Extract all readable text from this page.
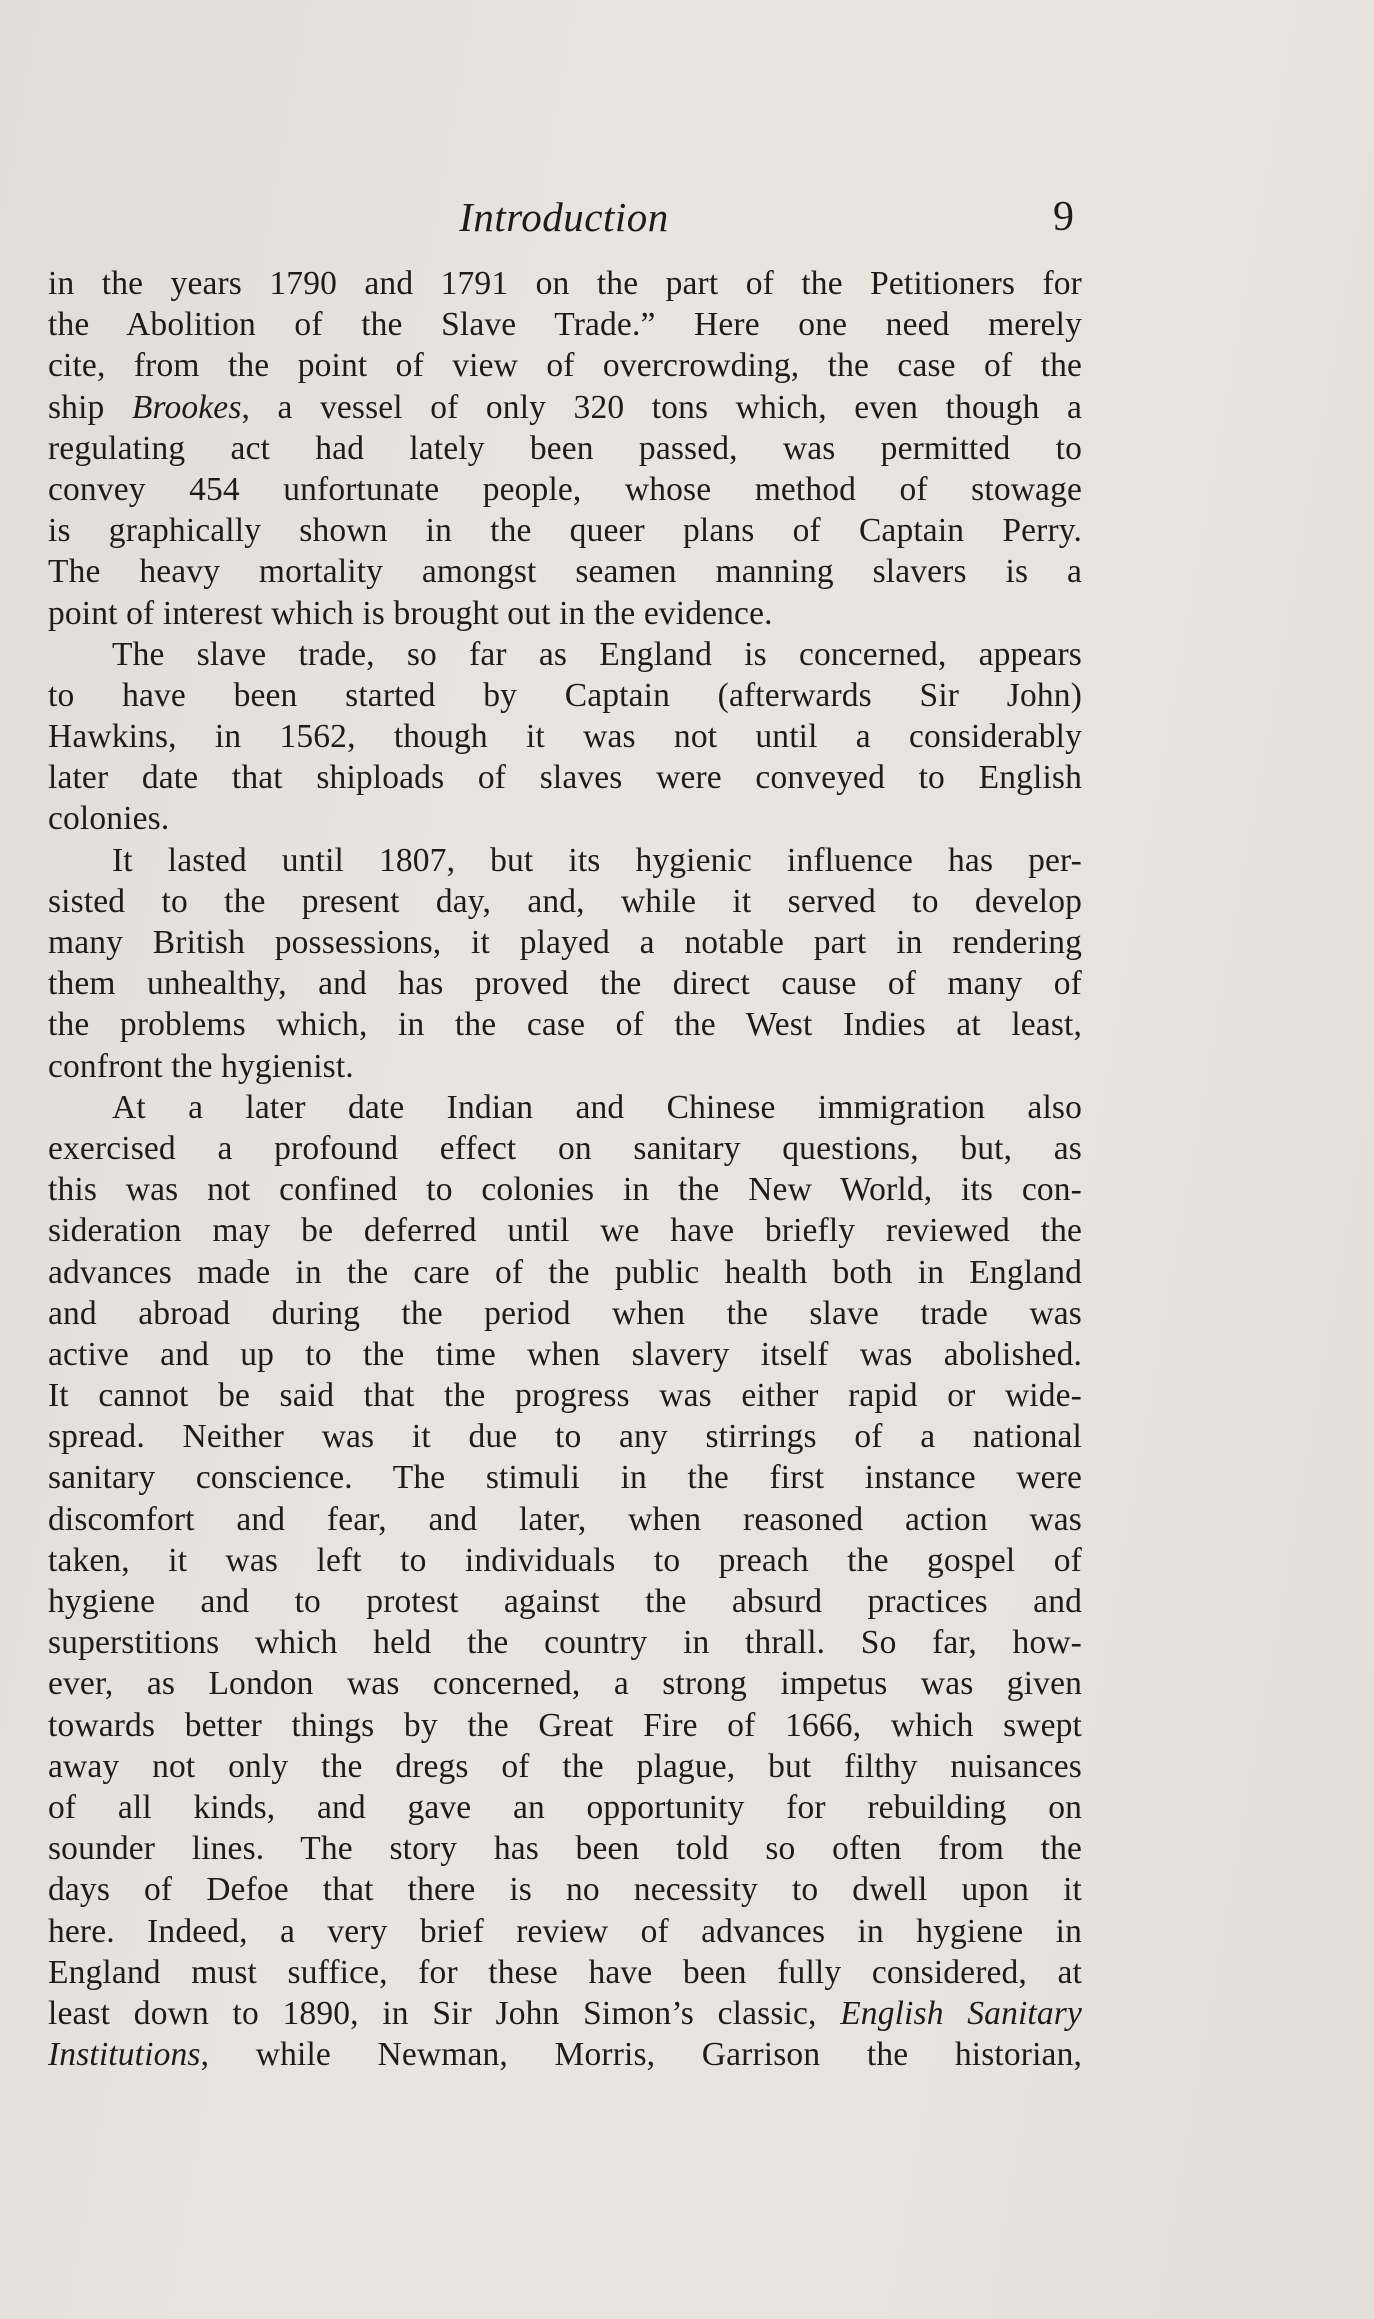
Introduction	9
in the years 1790 and 1791 on the part of the Petitioners for
the Abolition of the Slave Trade.” Here one need merely
cite, from the point of view of overcrowding, the case of the
ship Brookes, a vessel of only 320 tons which, even though a
regulating act had lately been passed, was permitted to
convey 454 unfortunate people, whose method of stowage
is graphically shown in the queer plans of Captain Perry.
The heavy mortality amongst seamen manning slavers is a
point of interest which is brought out in the evidence.
The slave trade, so far as England is concerned, appears
to have been started by Captain (afterwards Sir John)
Hawkins, in 1562, though it was not until a considerably
later date that shiploads of slaves were conveyed to English
colonies.
It lasted until 1807, but its hygienic influence has per-
sisted to the present day, and, while it served to develop
many British possessions, it played a notable part in rendering
them unhealthy, and has proved the direct cause of many of
the problems which, in the case of the West Indies at least,
confront the hygienist.
At a later date Indian and Chinese immigration also
exercised a profound effect on sanitary questions, but, as
this was not confined to colonies in the New World, its con-
sideration may be deferred until we have briefly reviewed the
advances made in the care of the public health both in England
and abroad during the period when the slave trade was
active and up to the time when slavery itself was abolished.
It cannot be said that the progress was either rapid or wide-
spread. Neither was it due to any stirrings of a national
sanitary conscience. The stimuli in the first instance were
discomfort and fear, and later, when reasoned action was
taken, it was left to individuals to preach the gospel of
hygiene and to protest against the absurd practices and
superstitions which held the country in thrall. So far, how-
ever, as London was concerned, a strong impetus was given
towards better things by the Great Fire of 1666, which swept
away not only the dregs of the plague, but filthy nuisances
of all kinds, and gave an opportunity for rebuilding on
sounder lines. The story has been told so often from the
days of Defoe that there is no necessity to dwell upon it
here. Indeed, a very brief review of advances in hygiene in
England must suffice, for these have been fully considered, at
least down to 1890, in Sir John Simon’s classic, English Sanitary
Institutions, while Newman, Morris, Garrison the historian,
